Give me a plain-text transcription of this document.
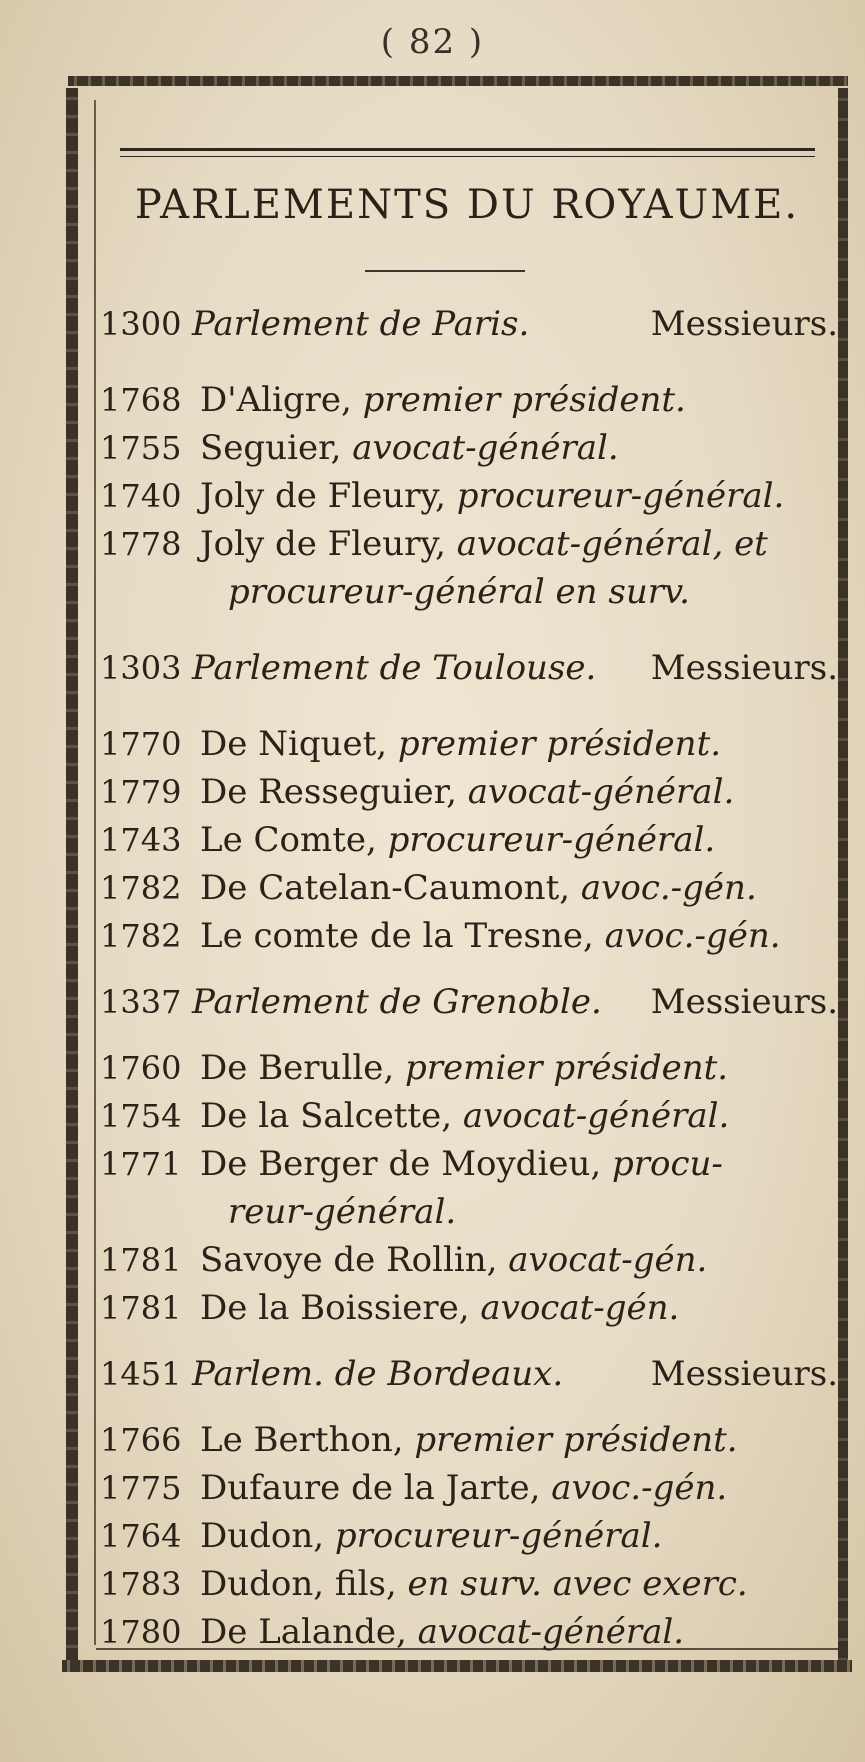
( 82 )
PARLEMENTS DU ROYAUME.
1300 Parlement de Paris.	Messieurs.
1768 D'Aligre, premier président.
1755 Seguier, avocat-général.
1740 Joly de Fleury, procureur-général.
1778 Joly de Fleury, avocat-général, et
procureur-général en surv.
1303 Parlement de Toulouse. Messieurs.
1770 De Niquet, premier président.
1779 De Resseguier, avocat-général.
1743 Le Comte, procureur-général.
1782 De Catelan-Caumont, avoc.-gén.
1782 Le comte de la Tresne, avoc.-gén.
1337 Parlement de Grenoble. Messieurs.
1760 De Berulle, premier président.
1754 De la Salcette, avocat-général.
1771 De Berger de Moydieu, procu-
reur-général.
1781 Savoye de Rollin, avocat-gén.
1781 De la Boissiere, avocat-gén.
1451 Parlem. de Bordeaux.	Messieurs.
1766 Le Berthon, premier président.
1775 Dufaure de la Jarte, avoc.-gén.
1764 Dudon, procureur-général.
1783 Dudon, fils, en surv. avec exerc.
1780 De Lalande, avocat-général.
